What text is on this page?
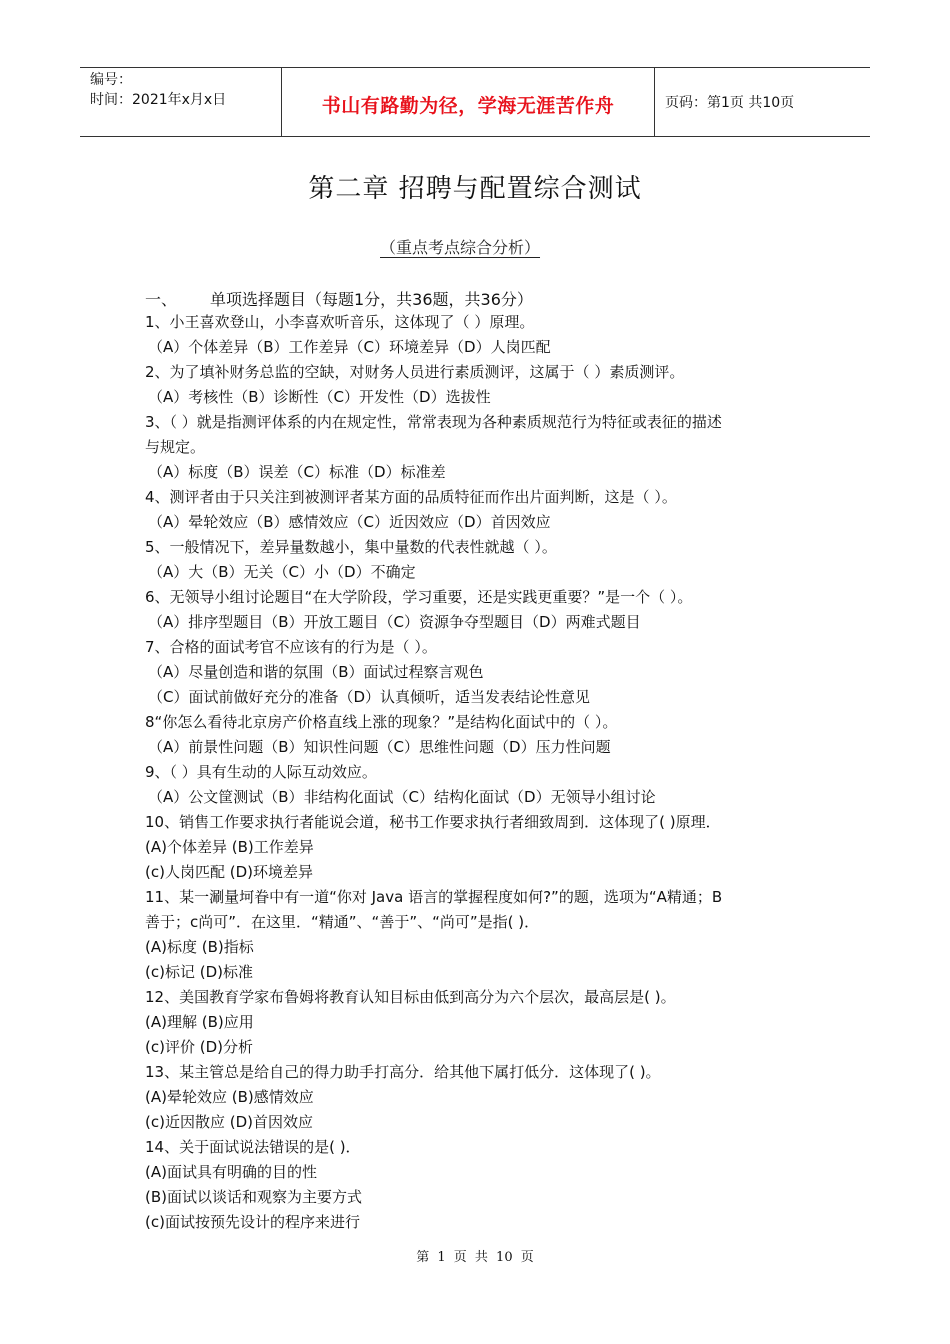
编号：
时间：2021年x月x日	书山有路勤为径，学海无涯苦作舟	页码：第1页 共10页
第二章 招聘与配置综合测试
（重点考点综合分析）
一、	单项选择题目（每题1分，共36题，共36分）
1、小王喜欢登山，小李喜欢听音乐，这体现了（ ）原理。
（A）个体差异（B）工作差异（C）环境差异（D）人岗匹配
2、为了填补财务总监的空缺，对财务人员进行素质测评，这属于（ ）素质测评。
（A）考核性（B）诊断性（C）开发性（D）选拔性
3、（ ）就是指测评体系的内在规定性，常常表现为各种素质规范行为特征或表征的描述
与规定。
（A）标度（B）误差（C）标准（D）标准差
4、测评者由于只关注到被测评者某方面的品质特征而作出片面判断，这是（ ）。
（A）晕轮效应（B）感情效应（C）近因效应（D）首因效应
5、一般情况下，差异量数越小，集中量数的代表性就越（ ）。
（A）大（B）无关（C）小（D）不确定
6、无领导小组讨论题目“在大学阶段，学习重要，还是实践更重要？”是一个（ ）。
（A）排序型题目（B）开放工题目（C）资源争夺型题目（D）两难式题目
7、合格的面试考官不应该有的行为是（ ）。
（A）尽量创造和谐的氛围（B）面试过程察言观色
（C）面试前做好充分的准备（D）认真倾听，适当发表结论性意见
8“你怎么看待北京房产价格直线上涨的现象？”是结构化面试中的（ ）。
（A）前景性问题（B）知识性问题（C）思维性问题（D）压力性问题
9、（ ）具有生动的人际互动效应。
（A）公文筐测试（B）非结构化面试（C）结构化面试（D）无领导小组讨论
10、销售工作要求执行者能说会道，秘书工作要求执行者细致周到．这体现了( )原理．
(A)个体差异 (B)工作差异
(c)人岗匹配 (D)环境差异
11、某一涮量坷眷中有一道“你对 Java 语言的掌握程度如何?”的题，选项为“A精通；B
善于；c尚可”．在这里．“精通”、“善于”、“尚可”是指( )．
(A)标度 (B)指标
(c)标记 (D)标准
12、美国教育学家布鲁姆将教育认知目标由低到高分为六个层次，最高层是( )。
(A)理解 (B)应用
(c)评价 (D)分析
13、某主管总是给自己的得力助手打高分．给其他下属打低分．这体现了( )。
(A)晕轮效应 (B)感情效应
(c)近因散应 (D)首因效应
14、关于面试说法错误的是( )．
(A)面试具有明确的目的性
(B)面试以谈话和观察为主要方式
(c)面试按预先设计的程序来进行
第 1 页 共 10 页
